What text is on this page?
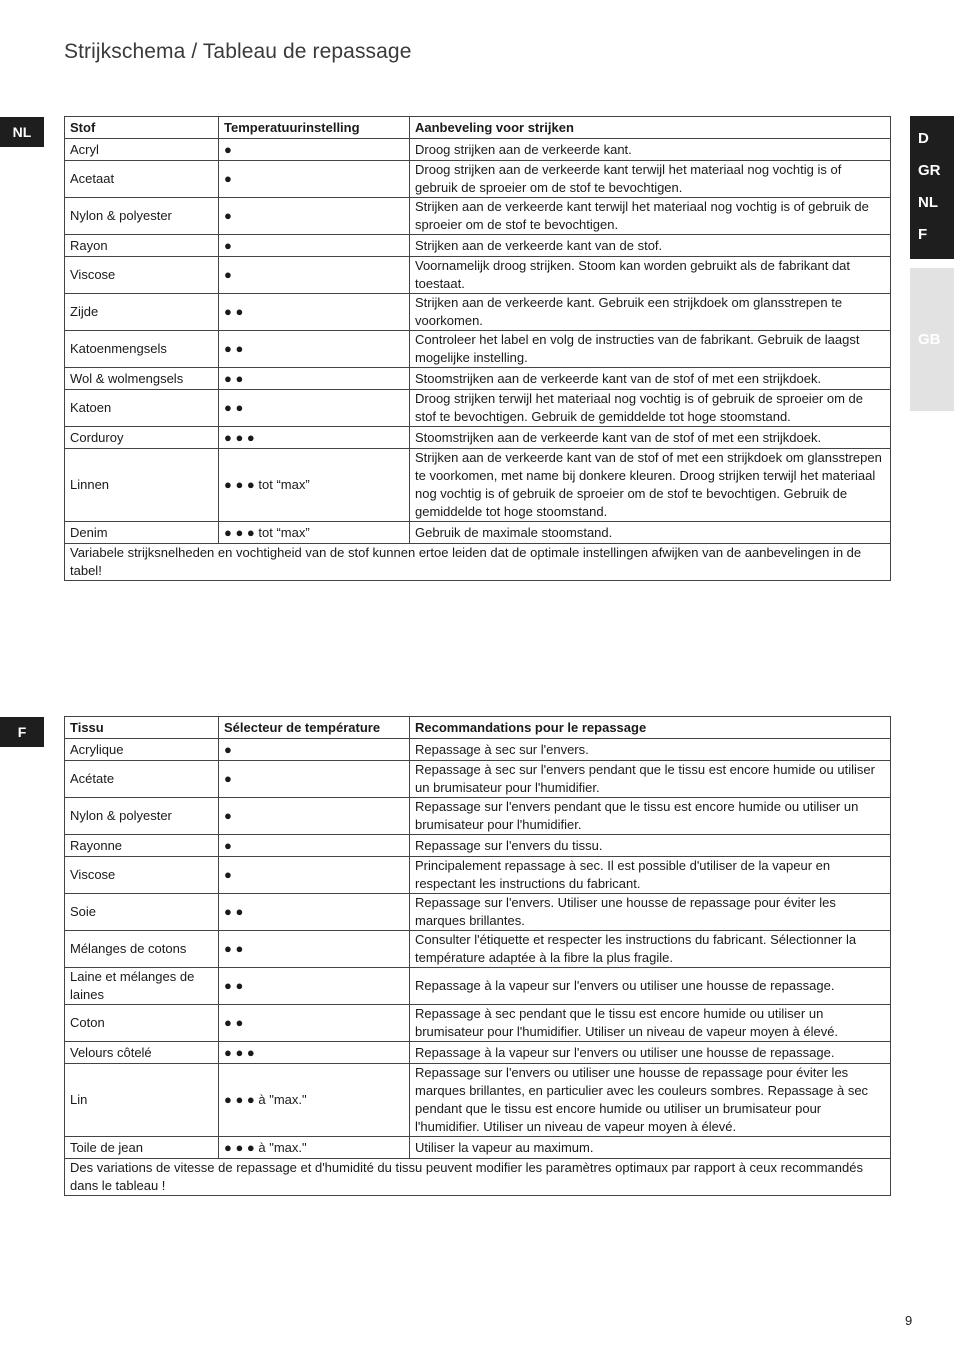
Strijkschema / Tableau de repassage
NL
F
D
GR
NL
F
GB
Stof	Temperatuurinstelling	Aanbeveling voor strijken
Acryl	●	Droog strijken aan de verkeerde kant.
Acetaat	●	Droog strijken aan de verkeerde kant terwijl het materiaal nog vochtig is of gebruik de sproeier om de stof te bevochtigen.
Nylon & polyester	●	Strijken aan de verkeerde kant terwijl het materiaal nog vochtig is of gebruik de sproeier om de stof te bevochtigen.
Rayon	●	Strijken aan de verkeerde kant van de stof.
Viscose	●	Voornamelijk droog strijken. Stoom kan worden gebruikt als de fabrikant dat toestaat.
Zijde	● ●	Strijken aan de verkeerde kant. Gebruik een strijkdoek om glansstrepen te voorkomen.
Katoenmengsels	● ●	Controleer het label en volg de instructies van de fabrikant. Gebruik de laagst mogelijke instelling.
Wol & wolmengsels	● ●	Stoomstrijken aan de verkeerde kant van de stof of met een strijkdoek.
Katoen	● ●	Droog strijken terwijl het materiaal nog vochtig is of gebruik de sproeier om de stof te bevochtigen. Gebruik de gemiddelde tot hoge stoomstand.
Corduroy	● ● ●	Stoomstrijken aan de verkeerde kant van de stof of met een strijkdoek.
Linnen	● ● ● tot “max”	Strijken aan de verkeerde kant van de stof of met een strijkdoek om glansstrepen te voorkomen, met name bij donkere kleuren. Droog strijken terwijl het materiaal nog vochtig is of gebruik de sproeier om de stof te bevochtigen. Gebruik de gemiddelde tot hoge stoomstand.
Denim	● ● ● tot “max”	Gebruik de maximale stoomstand.
Variabele strijksnelheden en vochtigheid van de stof kunnen ertoe leiden dat de optimale instellingen afwijken van de aanbevelingen in de tabel!		
Tissu	Sélecteur de température	Recommandations pour le repassage
Acrylique	●	Repassage à sec sur l'envers.
Acétate	●	Repassage à sec sur l'envers pendant que le tissu est encore humide ou utiliser un brumisateur pour l'humidifier.
Nylon & polyester	●	Repassage sur l'envers pendant que le tissu est encore humide ou utiliser un brumisateur pour l'humidifier.
Rayonne	●	Repassage sur l'envers du tissu.
Viscose	●	Principalement repassage à sec. Il est possible d'utiliser de la vapeur en respectant les instructions du fabricant.
Soie	● ●	Repassage sur l'envers. Utiliser une housse de repassage pour éviter les marques brillantes.
Mélanges de cotons	● ●	Consulter l'étiquette et respecter les instructions du fabricant. Sélectionner la température adaptée à la fibre la plus fragile.
Laine et mélanges de laines	● ●	Repassage à la vapeur sur l'envers ou utiliser une housse de repassage.
Coton	● ●	Repassage à sec pendant que le tissu est encore humide ou utiliser un brumisateur pour l'humidifier. Utiliser un niveau de vapeur moyen à élevé.
Velours côtelé	● ● ●	Repassage à la vapeur sur l'envers ou utiliser une housse de repassage.
Lin	● ● ● à "max."	Repassage sur l'envers ou utiliser une housse de repassage pour éviter les marques brillantes, en particulier avec les couleurs sombres. Repassage à sec pendant que le tissu est encore humide ou utiliser un brumisateur pour l'humidifier. Utiliser un niveau de vapeur moyen à élevé.
Toile de jean	● ● ● à "max."	Utiliser la vapeur au maximum.
Des variations de vitesse de repassage et d'humidité du tissu peuvent modifier les paramètres optimaux par rapport à ceux recommandés dans le tableau !		
9
